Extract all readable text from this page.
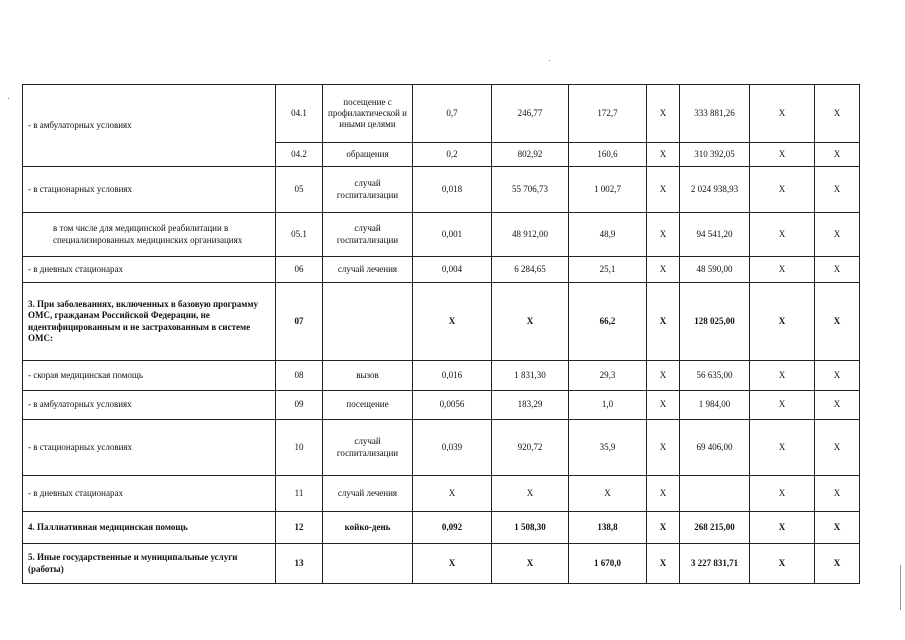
- в амбулаторных условиях	04.1	посещение с профилактической и иными целями	0,7	246,77	172,7	Х	333 881,26	Х	Х
	04.2	обращения	0,2	802,92	160,6	Х	310 392,05	Х	Х
- в стационарных условиях	05	случай госпитализации	0,018	55 706,73	1 002,7	Х	2 024 938,93	Х	Х
в том числе для медицинской реабилитации в специализированных медицинских организациях	05.1	случай госпитализации	0,001	48 912,00	48,9	Х	94 541,20	Х	Х
- в дневных стационарах	06	случай лечения	0,004	6 284,65	25,1	Х	48 590,00	Х	Х
3. При заболеваниях, включенных в базовую программу ОМС, гражданам Российской Федерации, не идентифицированным и не застрахованным в системе ОМС:	07		Х	Х	66,2	Х	128 025,00	Х	Х
- скорая медицинская помощь	08	вызов	0,016	1 831,30	29,3	Х	56 635,00	Х	Х
- в амбулаторных условиях	09	посещение	0,0056	183,29	1,0	Х	1 984,00	Х	Х
- в стационарных условиях	10	случай госпитализации	0,039	920,72	35,9	Х	69 406,00	Х	Х
- в дневных стационарах	11	случай лечения	Х	Х	Х	Х		Х	Х
4. Паллиативная медицинская помощь	12	койко-день	0,092	1 508,30	138,8	Х	268 215,00	Х	Х
5. Иные государственные и муниципальные услуги (работы)	13		Х	Х	1 670,0	Х	3 227 831,71	Х	Х
